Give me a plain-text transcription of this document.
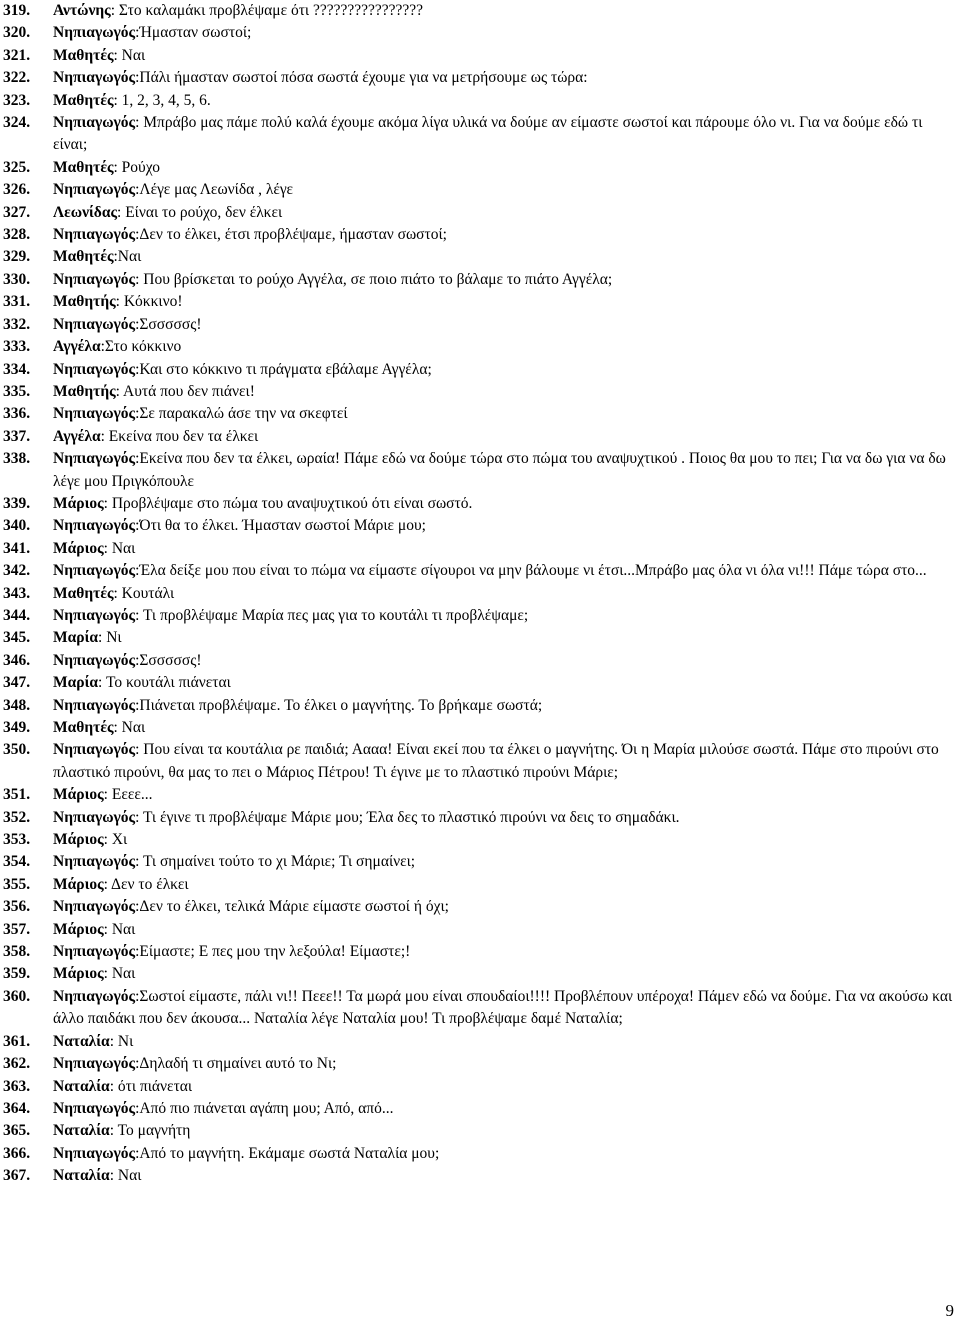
319.	Αντώνης: Στο καλαμάκι προβλέψαμε ότι ????????????????
320.	Νηπιαγωγός:Ήμασταν σωστοί;
321.	Μαθητές: Ναι
322.	Νηπιαγωγός:Πάλι ήμασταν σωστοί πόσα σωστά έχουμε για να μετρήσουμε ως τώρα:
323.	Μαθητές: 1, 2, 3, 4, 5, 6.
324.	Νηπιαγωγός: Μπράβο μας πάμε πολύ καλά έχουμε ακόμα λίγα υλικά να δούμε αν είμαστε σωστοί και πάρουμε όλο νι. Για να δούμε εδώ τι είναι;
325.	Μαθητές: Ρούχο
326.	Νηπιαγωγός:Λέγε μας Λεωνίδα , λέγε
327.	Λεωνίδας: Είναι το ρούχο, δεν έλκει
328.	Νηπιαγωγός:Δεν το έλκει, έτσι προβλέψαμε, ήμασταν σωστοί;
329.	Μαθητές:Ναι
330.	Νηπιαγωγός: Που βρίσκεται το ρούχο Αγγέλα, σε ποιο πιάτο το βάλαμε το πιάτο Αγγέλα;
331.	Μαθητής: Κόκκινο!
332.	Νηπιαγωγός:Σσσσσσς!
333.	Αγγέλα:Στο κόκκινο
334.	Νηπιαγωγός:Και στο κόκκινο τι πράγματα εβάλαμε Αγγέλα;
335.	Μαθητής: Αυτά που δεν πιάνει!
336.	Νηπιαγωγός:Σε παρακαλώ άσε την να σκεφτεί
337.	Αγγέλα: Εκείνα που δεν τα έλκει
338.	Νηπιαγωγός:Εκείνα που δεν τα έλκει, ωραία! Πάμε εδώ να δούμε τώρα στο πώμα του αναψυχτικού . Ποιος θα μου το πει; Για να δω για να δω λέγε μου Πριγκόπουλε
339.	Μάριος: Προβλέψαμε στο πώμα του αναψυχτικού ότι είναι σωστό.
340.	Νηπιαγωγός:Ότι θα το έλκει. Ήμασταν σωστοί Μάριε μου;
341.	Μάριος: Ναι
342.	Νηπιαγωγός:Έλα δείξε μου που είναι το πώμα να είμαστε σίγουροι να μην βάλουμε νι έτσι...Μπράβο μας όλα νι όλα νι!!! Πάμε τώρα στο...
343.	Μαθητές: Κουτάλι
344.	Νηπιαγωγός: Τι προβλέψαμε Μαρία πες μας για το κουτάλι τι προβλέψαμε;
345.	Μαρία: Νι
346.	Νηπιαγωγός:Σσσσσσς!
347.	Μαρία: Το κουτάλι πιάνεται
348.	Νηπιαγωγός:Πιάνεται προβλέψαμε. Το έλκει ο μαγνήτης. Το βρήκαμε σωστά;
349.	Μαθητές: Ναι
350.	Νηπιαγωγός: Που είναι τα κουτάλια ρε παιδιά; Αααα! Είναι εκεί που τα έλκει ο μαγνήτης. Όι η Μαρία μιλούσε σωστά. Πάμε στο πιρούνι στο πλαστικό πιρούνι, θα μας το πει ο Μάριος Πέτρου! Τι έγινε με το πλαστικό πιρούνι Μάριε;
351.	Μάριος: Εεεε...
352.	Νηπιαγωγός: Τι έγινε τι προβλέψαμε Μάριε μου; Έλα δες το πλαστικό πιρούνι να δεις το σημαδάκι.
353.	Μάριος: Χι
354.	Νηπιαγωγός: Τι σημαίνει τούτο το χι Μάριε; Τι σημαίνει;
355.	Μάριος: Δεν το έλκει
356.	Νηπιαγωγός:Δεν το έλκει, τελικά Μάριε είμαστε σωστοί ή όχι;
357.	Μάριος: Ναι
358.	Νηπιαγωγός:Είμαστε; Ε πες μου την λεξούλα! Είμαστε;!
359.	Μάριος: Ναι
360.	Νηπιαγωγός:Σωστοί είμαστε, πάλι νι!! Πεεε!! Τα μωρά μου είναι σπουδαίοι!!!! Προβλέπουν υπέροχα! Πάμεν εδώ να δούμε. Για να ακούσω και άλλο παιδάκι που δεν άκουσα... Ναταλία λέγε Ναταλία μου! Τι προβλέψαμε δαμέ Ναταλία;
361.	Ναταλία: Νι
362.	Νηπιαγωγός:Δηλαδή τι σημαίνει αυτό το Νι;
363.	Ναταλία: ότι πιάνεται
364.	Νηπιαγωγός:Από πιο πιάνεται αγάπη μου; Από, από...
365.	Ναταλία: Το μαγνήτη
366.	Νηπιαγωγός:Από το μαγνήτη. Εκάμαμε σωστά Ναταλία μου;
367.	Ναταλία: Ναι
9
